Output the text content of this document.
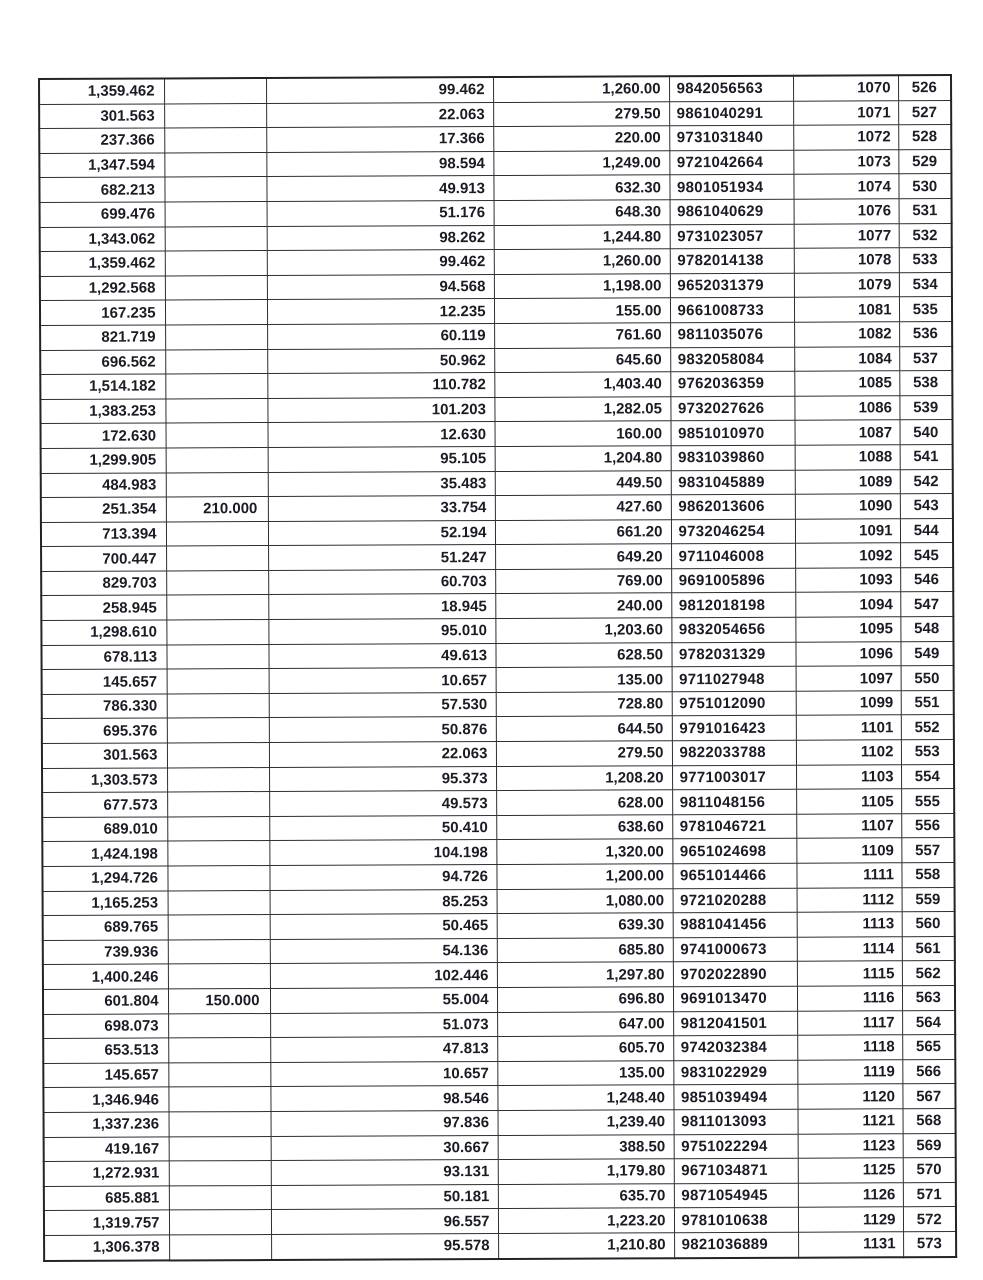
1,359.462		99.462	1,260.00	9842056563	1070	526
301.563		22.063	279.50	9861040291	1071	527
237.366		17.366	220.00	9731031840	1072	528
1,347.594		98.594	1,249.00	9721042664	1073	529
682.213		49.913	632.30	9801051934	1074	530
699.476		51.176	648.30	9861040629	1076	531
1,343.062		98.262	1,244.80	9731023057	1077	532
1,359.462		99.462	1,260.00	9782014138	1078	533
1,292.568		94.568	1,198.00	9652031379	1079	534
167.235		12.235	155.00	9661008733	1081	535
821.719		60.119	761.60	9811035076	1082	536
696.562		50.962	645.60	9832058084	1084	537
1,514.182		110.782	1,403.40	9762036359	1085	538
1,383.253		101.203	1,282.05	9732027626	1086	539
172.630		12.630	160.00	9851010970	1087	540
1,299.905		95.105	1,204.80	9831039860	1088	541
484.983		35.483	449.50	9831045889	1089	542
251.354	210.000	33.754	427.60	9862013606	1090	543
713.394		52.194	661.20	9732046254	1091	544
700.447		51.247	649.20	9711046008	1092	545
829.703		60.703	769.00	9691005896	1093	546
258.945		18.945	240.00	9812018198	1094	547
1,298.610		95.010	1,203.60	9832054656	1095	548
678.113		49.613	628.50	9782031329	1096	549
145.657		10.657	135.00	9711027948	1097	550
786.330		57.530	728.80	9751012090	1099	551
695.376		50.876	644.50	9791016423	1101	552
301.563		22.063	279.50	9822033788	1102	553
1,303.573		95.373	1,208.20	9771003017	1103	554
677.573		49.573	628.00	9811048156	1105	555
689.010		50.410	638.60	9781046721	1107	556
1,424.198		104.198	1,320.00	9651024698	1109	557
1,294.726		94.726	1,200.00	9651014466	1111	558
1,165.253		85.253	1,080.00	9721020288	1112	559
689.765		50.465	639.30	9881041456	1113	560
739.936		54.136	685.80	9741000673	1114	561
1,400.246		102.446	1,297.80	9702022890	1115	562
601.804	150.000	55.004	696.80	9691013470	1116	563
698.073		51.073	647.00	9812041501	1117	564
653.513		47.813	605.70	9742032384	1118	565
145.657		10.657	135.00	9831022929	1119	566
1,346.946		98.546	1,248.40	9851039494	1120	567
1,337.236		97.836	1,239.40	9811013093	1121	568
419.167		30.667	388.50	9751022294	1123	569
1,272.931		93.131	1,179.80	9671034871	1125	570
685.881		50.181	635.70	9871054945	1126	571
1,319.757		96.557	1,223.20	9781010638	1129	572
1,306.378		95.578	1,210.80	9821036889	1131	573
